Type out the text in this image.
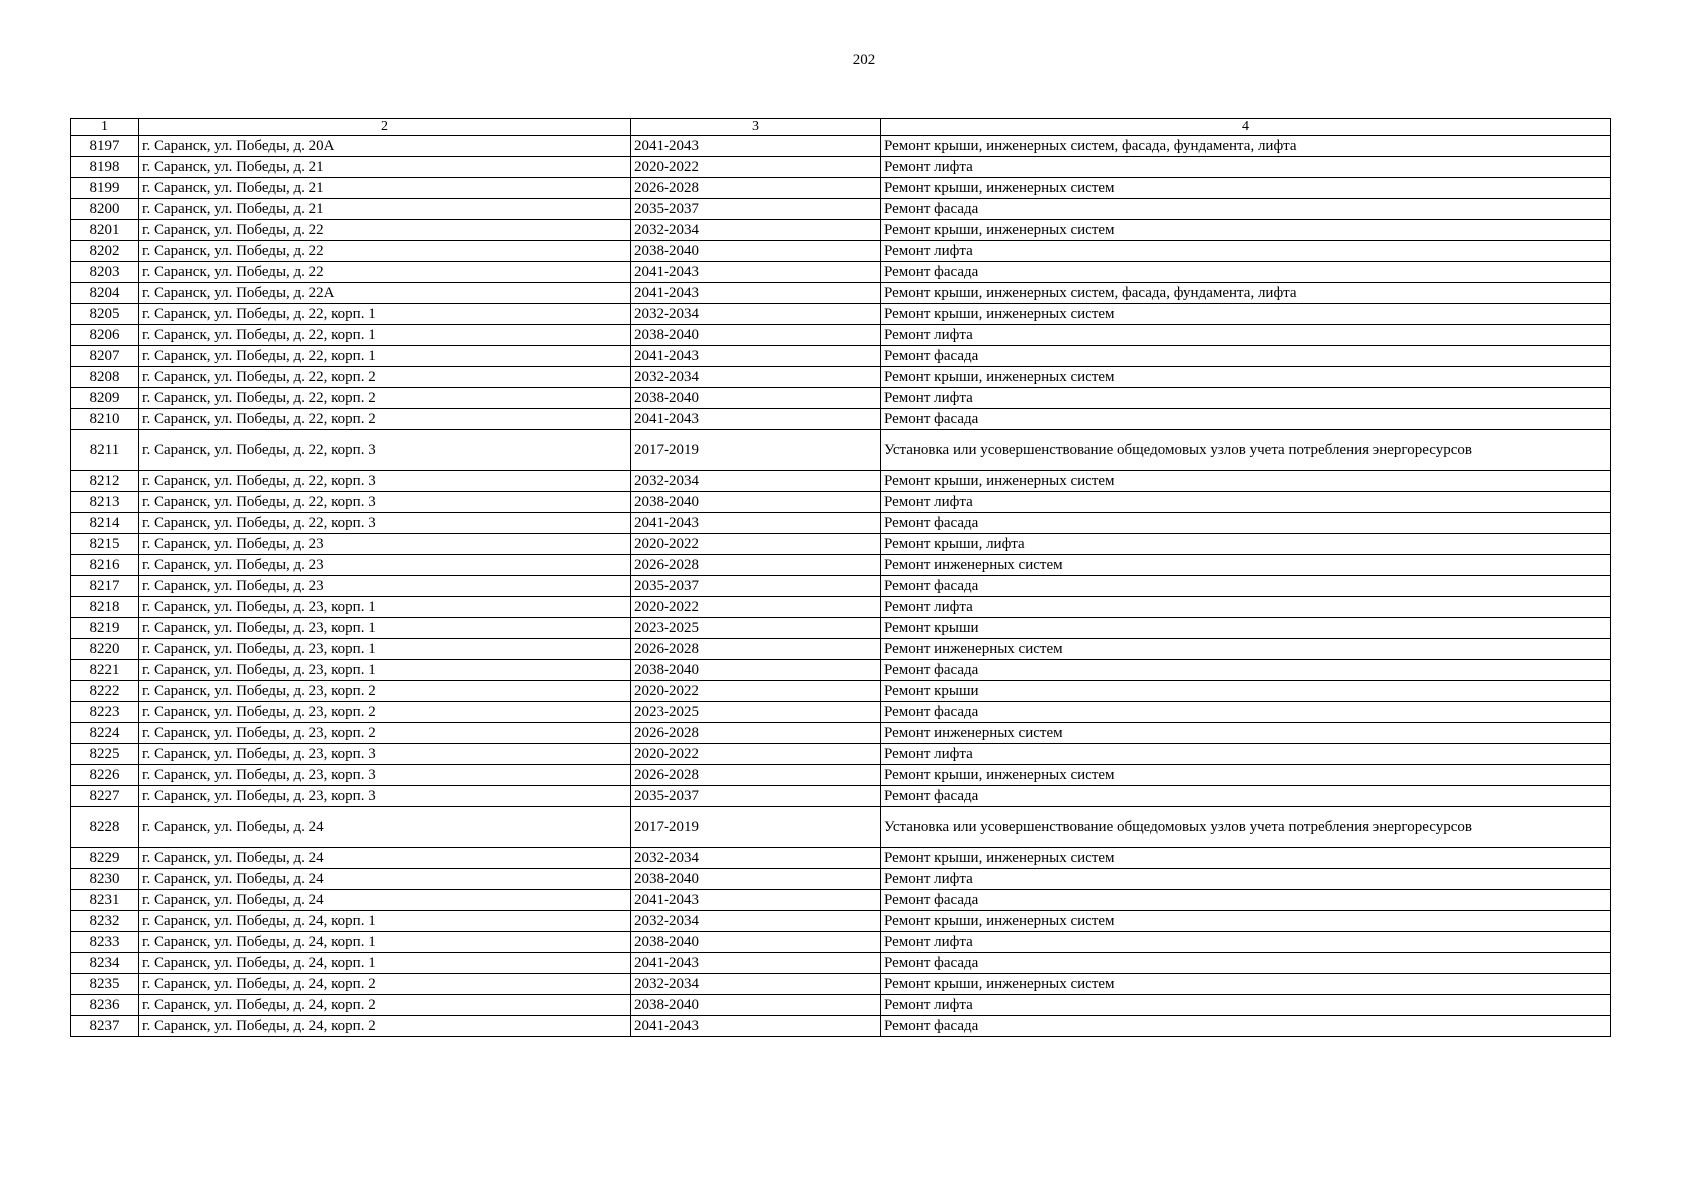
202
1	2	3	4
8197	г. Саранск, ул. Победы, д. 20А	2041-2043	Ремонт крыши, инженерных систем, фасада, фундамента, лифта
8198	г. Саранск, ул. Победы, д. 21	2020-2022	Ремонт лифта
8199	г. Саранск, ул. Победы, д. 21	2026-2028	Ремонт крыши, инженерных систем
8200	г. Саранск, ул. Победы, д. 21	2035-2037	Ремонт фасада
8201	г. Саранск, ул. Победы, д. 22	2032-2034	Ремонт крыши, инженерных систем
8202	г. Саранск, ул. Победы, д. 22	2038-2040	Ремонт лифта
8203	г. Саранск, ул. Победы, д. 22	2041-2043	Ремонт фасада
8204	г. Саранск, ул. Победы, д. 22А	2041-2043	Ремонт крыши, инженерных систем, фасада, фундамента, лифта
8205	г. Саранск, ул. Победы, д. 22, корп. 1	2032-2034	Ремонт крыши, инженерных систем
8206	г. Саранск, ул. Победы, д. 22, корп. 1	2038-2040	Ремонт лифта
8207	г. Саранск, ул. Победы, д. 22, корп. 1	2041-2043	Ремонт фасада
8208	г. Саранск, ул. Победы, д. 22, корп. 2	2032-2034	Ремонт крыши, инженерных систем
8209	г. Саранск, ул. Победы, д. 22, корп. 2	2038-2040	Ремонт лифта
8210	г. Саранск, ул. Победы, д. 22, корп. 2	2041-2043	Ремонт фасада
8211	г. Саранск, ул. Победы, д. 22, корп. 3	2017-2019	Установка или усовершенствование общедомовых узлов учета потребления энергоресурсов
8212	г. Саранск, ул. Победы, д. 22, корп. 3	2032-2034	Ремонт крыши, инженерных систем
8213	г. Саранск, ул. Победы, д. 22, корп. 3	2038-2040	Ремонт лифта
8214	г. Саранск, ул. Победы, д. 22, корп. 3	2041-2043	Ремонт фасада
8215	г. Саранск, ул. Победы, д. 23	2020-2022	Ремонт крыши, лифта
8216	г. Саранск, ул. Победы, д. 23	2026-2028	Ремонт инженерных систем
8217	г. Саранск, ул. Победы, д. 23	2035-2037	Ремонт фасада
8218	г. Саранск, ул. Победы, д. 23, корп. 1	2020-2022	Ремонт лифта
8219	г. Саранск, ул. Победы, д. 23, корп. 1	2023-2025	Ремонт крыши
8220	г. Саранск, ул. Победы, д. 23, корп. 1	2026-2028	Ремонт инженерных систем
8221	г. Саранск, ул. Победы, д. 23, корп. 1	2038-2040	Ремонт фасада
8222	г. Саранск, ул. Победы, д. 23, корп. 2	2020-2022	Ремонт крыши
8223	г. Саранск, ул. Победы, д. 23, корп. 2	2023-2025	Ремонт фасада
8224	г. Саранск, ул. Победы, д. 23, корп. 2	2026-2028	Ремонт инженерных систем
8225	г. Саранск, ул. Победы, д. 23, корп. 3	2020-2022	Ремонт лифта
8226	г. Саранск, ул. Победы, д. 23, корп. 3	2026-2028	Ремонт крыши, инженерных систем
8227	г. Саранск, ул. Победы, д. 23, корп. 3	2035-2037	Ремонт фасада
8228	г. Саранск, ул. Победы, д. 24	2017-2019	Установка или усовершенствование общедомовых узлов учета потребления энергоресурсов
8229	г. Саранск, ул. Победы, д. 24	2032-2034	Ремонт крыши, инженерных систем
8230	г. Саранск, ул. Победы, д. 24	2038-2040	Ремонт лифта
8231	г. Саранск, ул. Победы, д. 24	2041-2043	Ремонт фасада
8232	г. Саранск, ул. Победы, д. 24, корп. 1	2032-2034	Ремонт крыши, инженерных систем
8233	г. Саранск, ул. Победы, д. 24, корп. 1	2038-2040	Ремонт лифта
8234	г. Саранск, ул. Победы, д. 24, корп. 1	2041-2043	Ремонт фасада
8235	г. Саранск, ул. Победы, д. 24, корп. 2	2032-2034	Ремонт крыши, инженерных систем
8236	г. Саранск, ул. Победы, д. 24, корп. 2	2038-2040	Ремонт лифта
8237	г. Саранск, ул. Победы, д. 24, корп. 2	2041-2043	Ремонт фасада
